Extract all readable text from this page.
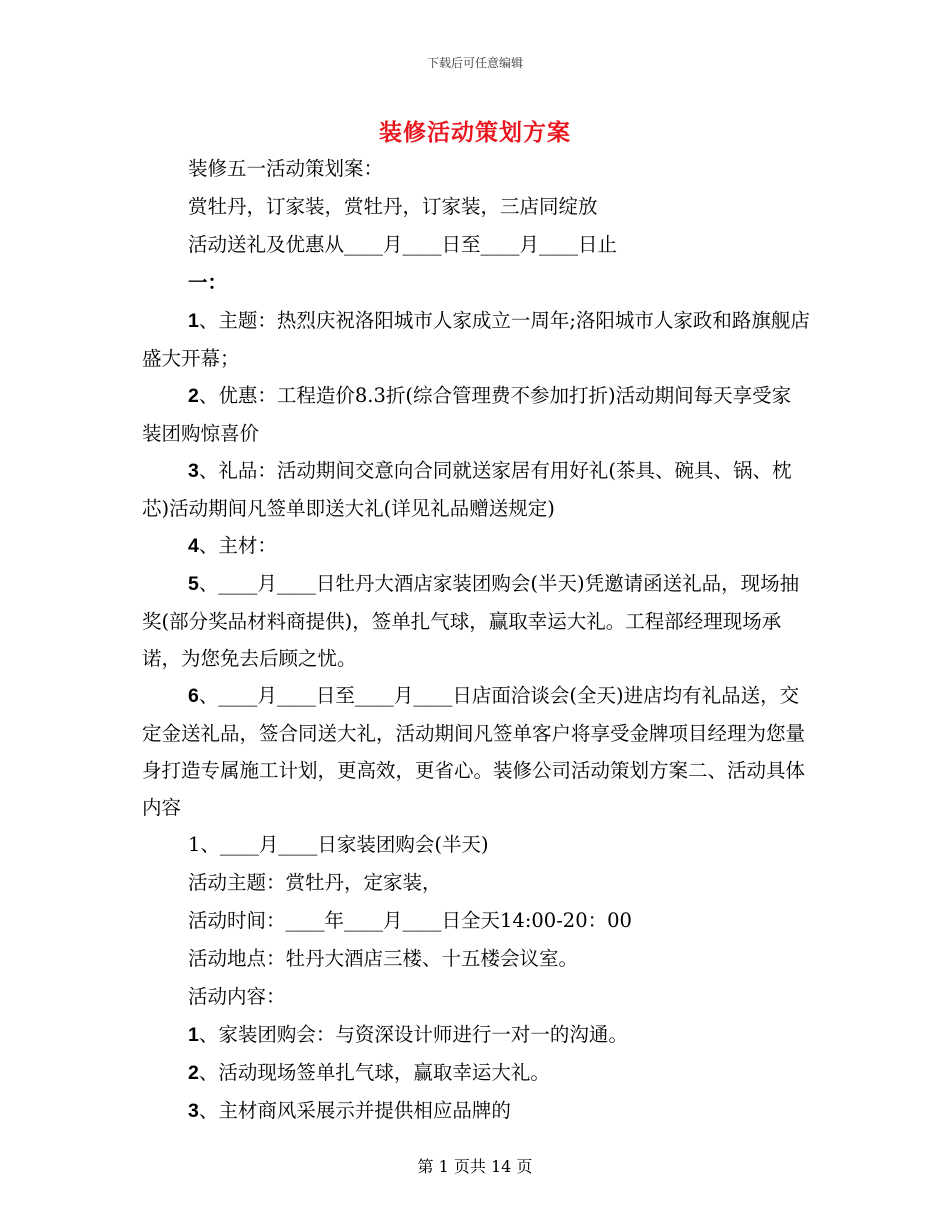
下载后可任意编辑
装修活动策划方案

装修五一活动策划案：

赏牡丹，订家装，赏牡丹，订家装，三店同绽放

活动送礼及优惠从____月____日至____月____日止

一：

1、主题：热烈庆祝洛阳城市人家成立一周年;洛阳城市人家政和路旗舰店盛大开幕；

2、优惠：工程造价8.3折(综合管理费不参加打折)活动期间每天享受家装团购惊喜价

3、礼品：活动期间交意向合同就送家居有用好礼(茶具、碗具、锅、枕芯)活动期间凡签单即送大礼(详见礼品赠送规定)

4、主材：

5、____月____日牡丹大酒店家装团购会(半天)凭邀请函送礼品，现场抽奖(部分奖品材料商提供)，签单扎气球，赢取幸运大礼。工程部经理现场承诺，为您免去后顾之忧。

6、____月____日至____月____日店面洽谈会(全天)进店均有礼品送，交定金送礼品，签合同送大礼，活动期间凡签单客户将享受金牌项目经理为您量身打造专属施工计划，更高效，更省心。装修公司活动策划方案二、活动具体内容

1、____月____日家装团购会(半天)

活动主题：赏牡丹，定家装，

活动时间：____年____月____日全天14:00-20：00

活动地点：牡丹大酒店三楼、十五楼会议室。

活动内容：

1、家装团购会：与资深设计师进行一对一的沟通。

2、活动现场签单扎气球，赢取幸运大礼。

3、主材商风采展示并提供相应品牌的

第 1 页共 14 页
